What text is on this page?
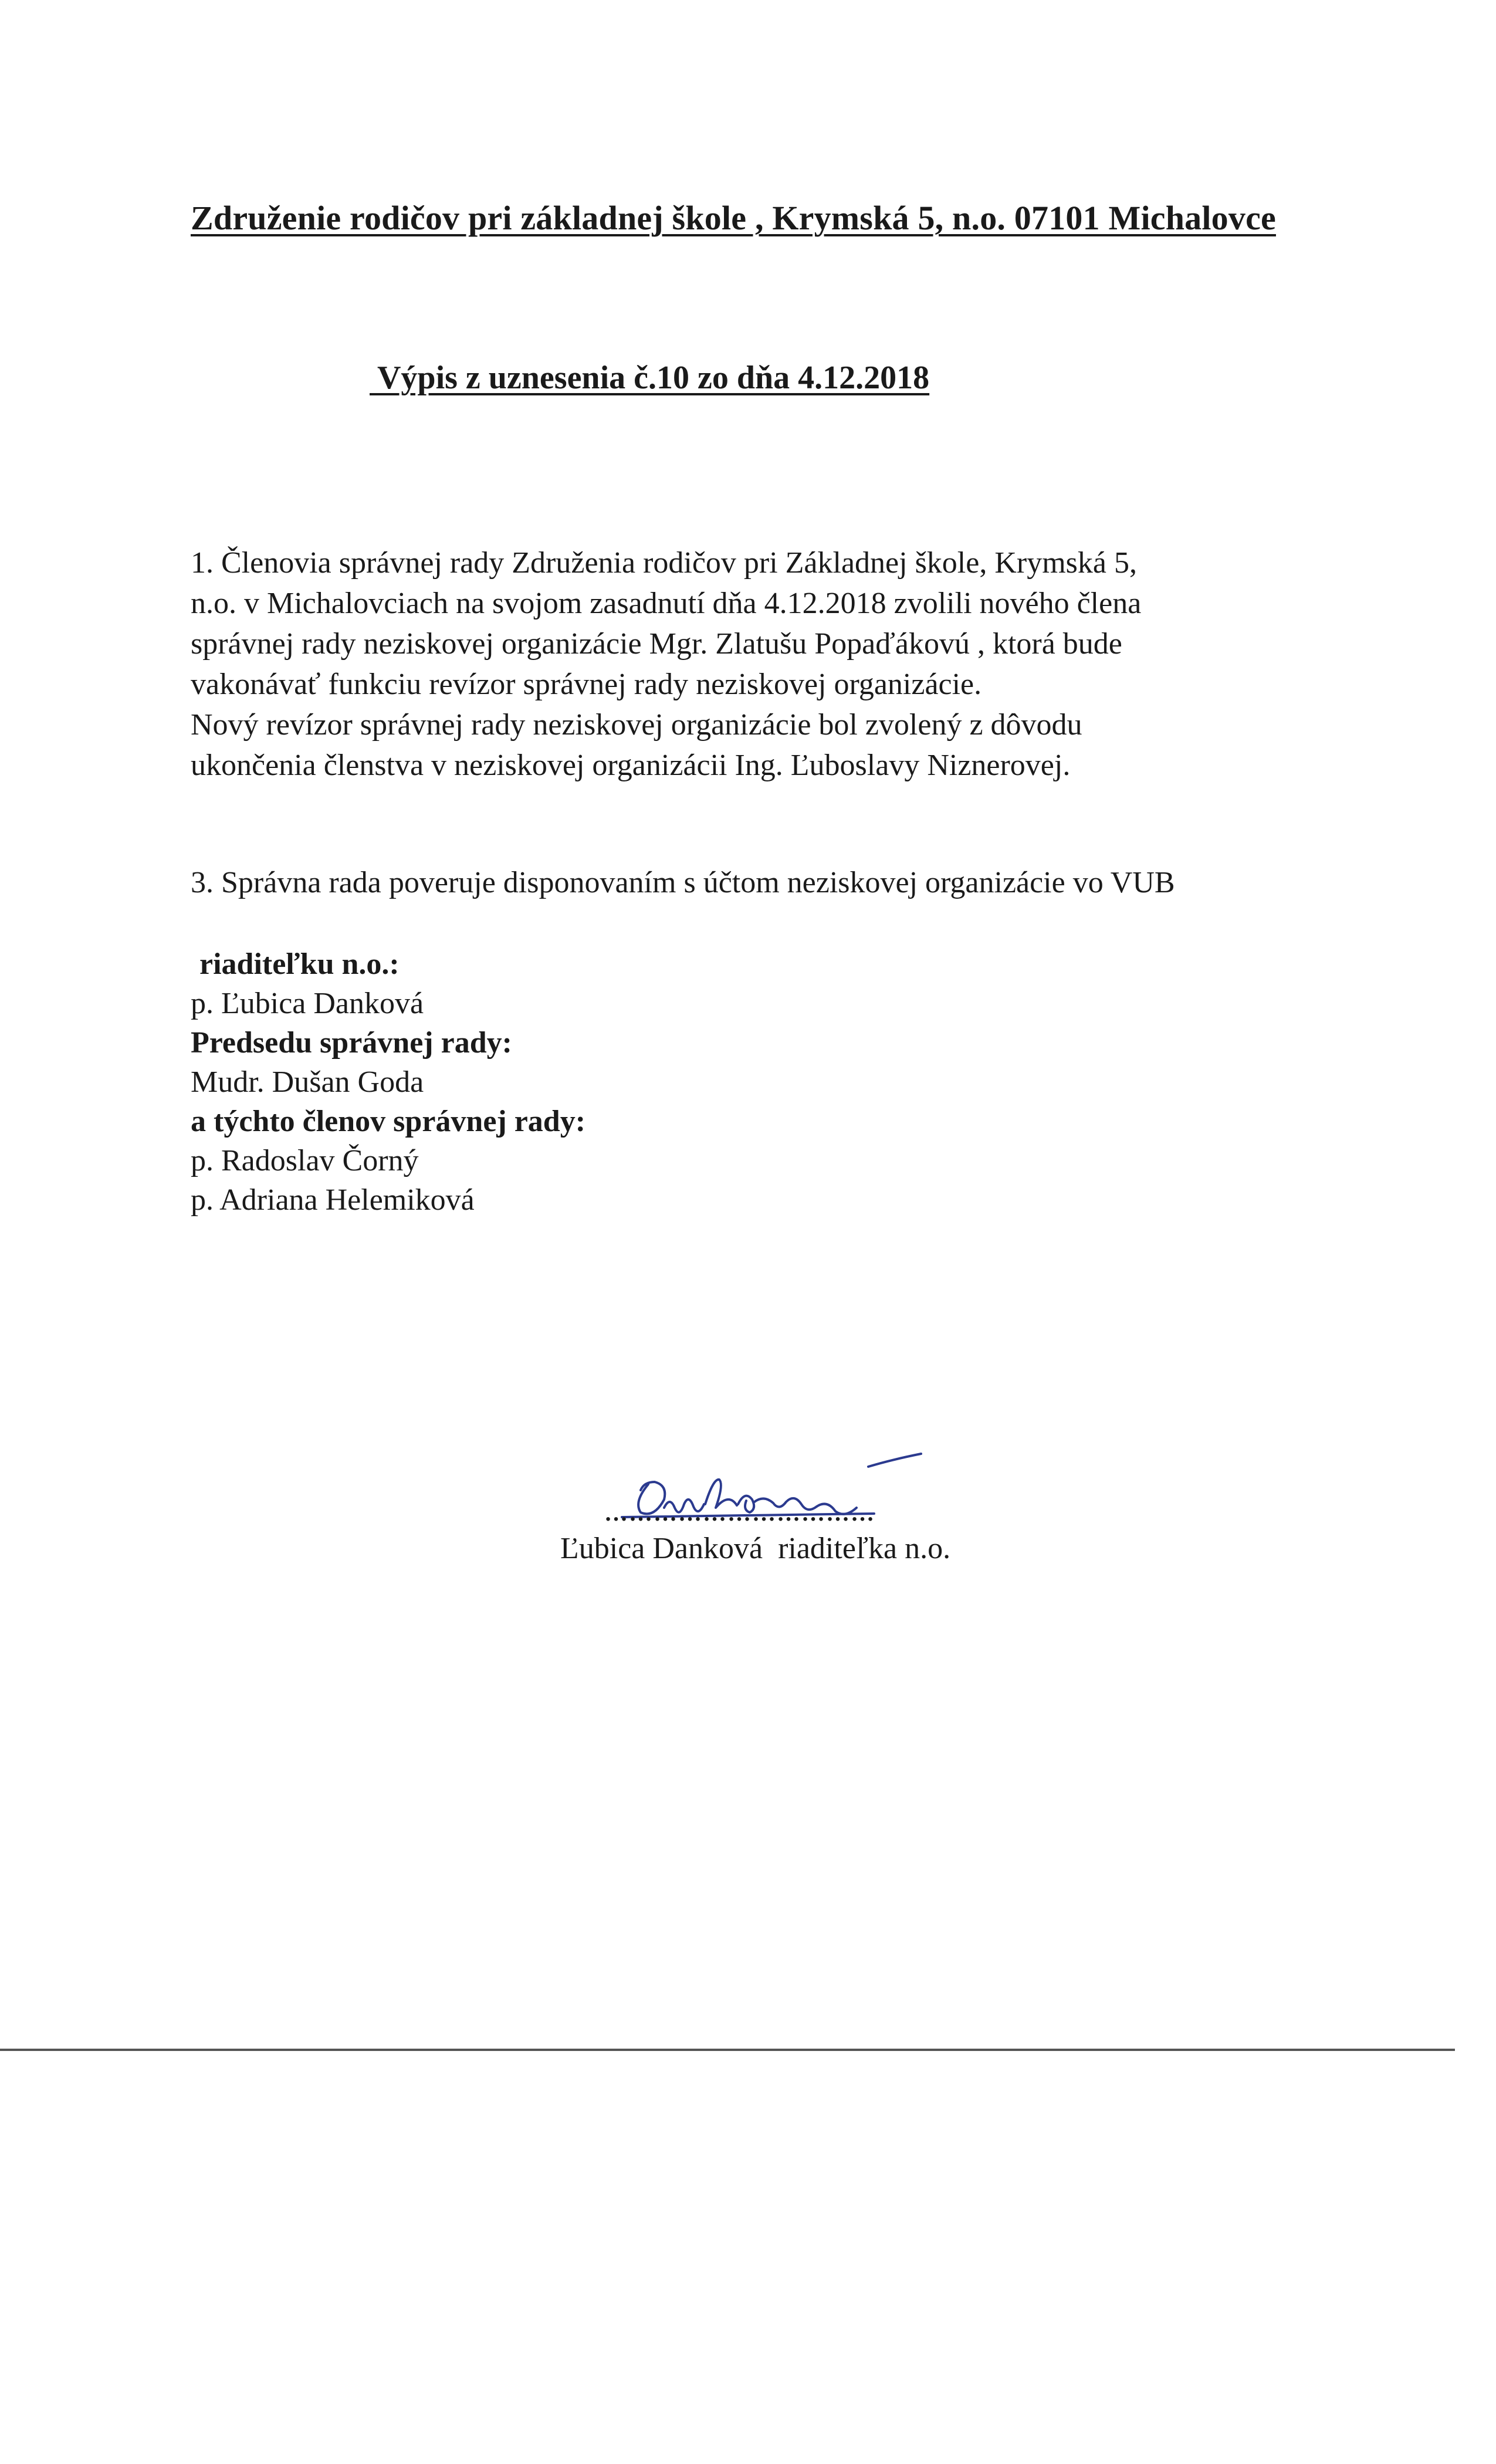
Združenie rodičov pri základnej škole , Krymská 5, n.o. 07101 Michalovce
Výpis z uznesenia č.10 zo dňa 4.12.2018
1. Členovia správnej rady Združenia rodičov pri Základnej škole, Krymská 5,
n.o. v Michalovciach na svojom zasadnutí dňa 4.12.2018 zvolili nového člena
správnej rady neziskovej organizácie Mgr. Zlatušu Popaďákovú , ktorá bude
vakonávať funkciu revízor správnej rady neziskovej organizácie.
Nový revízor správnej rady neziskovej organizácie bol zvolený z dôvodu
ukončenia členstva v neziskovej organizácii Ing. Ľuboslavy Niznerovej.
3. Správna rada poveruje disponovaním s účtom neziskovej organizácie vo VUB
riaditeľku n.o.:
p. Ľubica Danková
Predsedu správnej rady:
Mudr. Dušan Goda
a týchto členov správnej rady:
p. Radoslav Čorný
p. Adriana Helemiková
……………………………
Ľubica Danková  riaditeľka n.o.
